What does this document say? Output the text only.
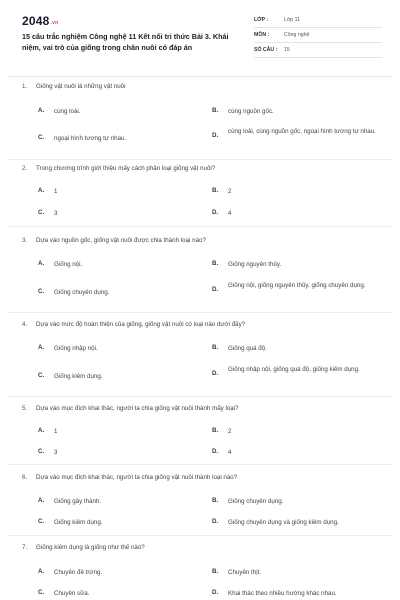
2048.vn
15 câu trắc nghiệm Công nghệ 11 Kết nối tri thức Bài 3. Khái niệm, vai trò của giống trong chăn nuôi có đáp án
LỚP :	Lớp 11
MÔN :	Công nghệ
SỐ CÂU : 15
1. Giống vật nuôi là những vật nuôi
A. cùng loài.	B. cùng nguồn gốc.
C. ngoại hình tương tự nhau.	D.
cùng loài, cùng nguồn gốc, ngoại hình tương tự nhau.
2. Trong chương trình giới thiệu mấy cách phân loại giống vật nuôi?
A. 1	B. 2
C. 3	D. 4
3. Dựa vào nguồn gốc, giống vật nuôi được chia thành loại nào?
A. Giống nội.	B. Giống nguyên thủy.
C. Giống chuyên dụng.	D.
Giống nội, giống nguyên thủy, giống chuyên dụng.
4. Dựa vào mức độ hoàn thiện của giống, giống vật nuôi có loại nào dưới đây?
A. Giống nhập nội.	B. Giống quá độ.
C. Giống kiêm dụng.	D.
Giống nhập nội, giống quá độ, giống kiêm dụng.
5. Dựa vào mục đích khai thác, người ta chia giống vật nuôi thành mấy loại?
A. 1	B. 2
C. 3	D. 4
6. Dựa vào mục đích khai thác, người ta chia giống vật nuôi thành loại nào?
A. Giống gây thành.	B. Giống chuyên dụng.
C. Giống kiêm dụng.	D. Giống chuyên dụng và giống kiêm dụng.
7. Giống kiêm dụng là giống như thế nào?
A. Chuyên đẻ trứng.	B. Chuyên thịt.
C. Chuyên sữa.	D. Khai thác theo nhiều hướng khác nhau.
